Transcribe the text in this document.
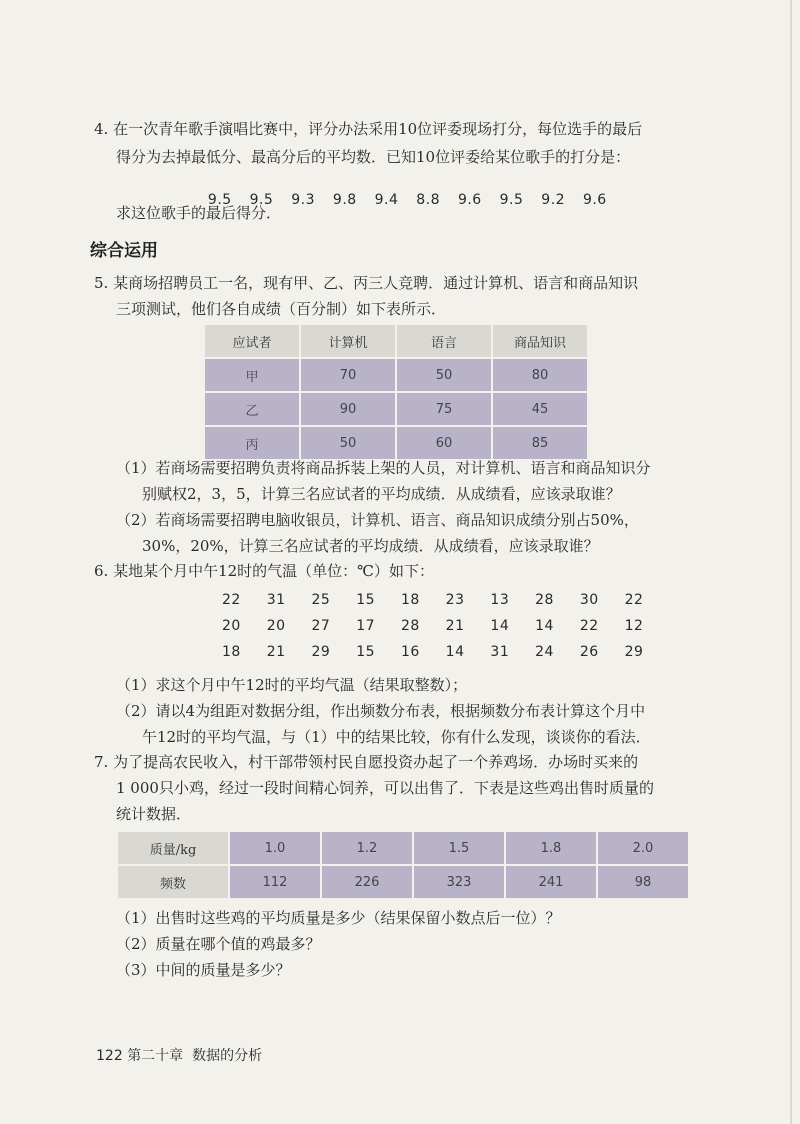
4. 在一次青年歌手演唱比赛中，评分办法采用10位评委现场打分，每位选手的最后
得分为去掉最低分、最高分后的平均数．已知10位评委给某位歌手的打分是：

9.5 9.5 9.3 9.8 9.4 8.8 9.6 9.5 9.2 9.6

求这位歌手的最后得分．
综合运用
5. 某商场招聘员工一名，现有甲、乙、丙三人竞聘．通过计算机、语言和商品知识
三项测试，他们各自成绩（百分制）如下表所示．
应试者	计算机	语言	商品知识
甲	70	50	80
乙	90	75	45
丙	50	60	85
（1）若商场需要招聘负责将商品拆装上架的人员，对计算机、语言和商品知识分
别赋权2，3，5，计算三名应试者的平均成绩．从成绩看，应该录取谁？
（2）若商场需要招聘电脑收银员，计算机、语言、商品知识成绩分别占50%，
30%，20%，计算三名应试者的平均成绩．从成绩看，应该录取谁？
6. 某地某个月中午12时的气温（单位：℃）如下：
22 31 25 15 18 23 13 28 30 22
20 20 27 17 28 21 14 14 22 12
18 21 29 15 16 14 31 24 26 29
（1）求这个月中午12时的平均气温（结果取整数）；
（2）请以4为组距对数据分组，作出频数分布表，根据频数分布表计算这个月中
午12时的平均气温，与（1）中的结果比较，你有什么发现，谈谈你的看法．
7. 为了提高农民收入，村干部带领村民自愿投资办起了一个养鸡场．办场时买来的
1 000只小鸡，经过一段时间精心饲养，可以出售了．下表是这些鸡出售时质量的
统计数据．
质量/kg	1.0	1.2	1.5	1.8	2.0
频数	112	226	323	241	98
（1）出售时这些鸡的平均质量是多少（结果保留小数点后一位）？
（2）质量在哪个值的鸡最多？
（3）中间的质量是多少？
122 第二十章 数据的分析
